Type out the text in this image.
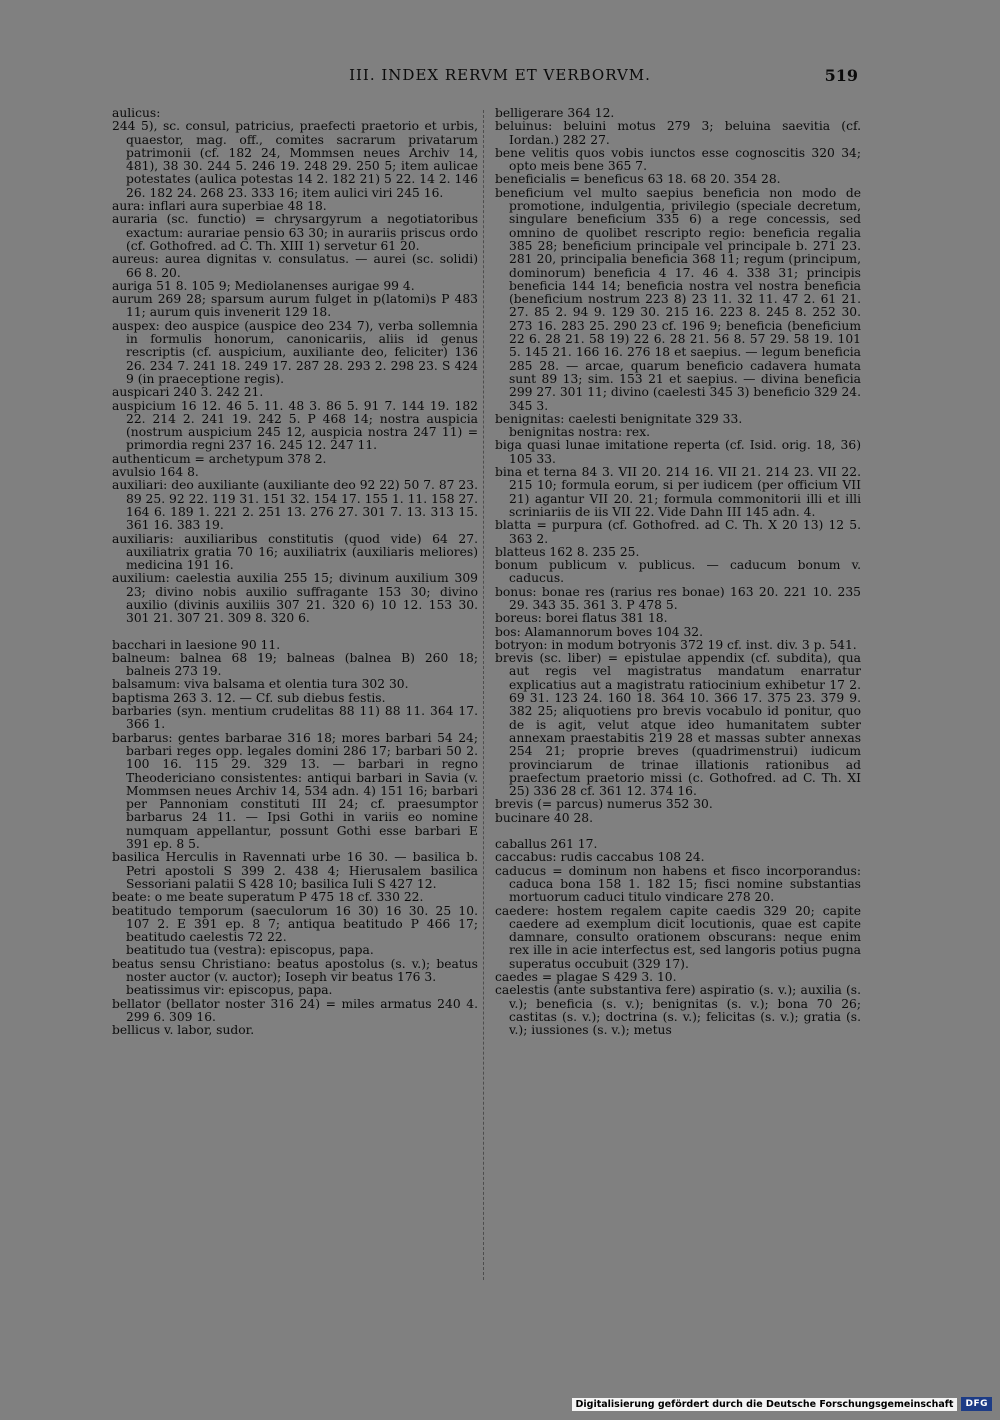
III. INDEX RERVM ET VERBORVM.	519

aulicus:

244 5), sc. consul, patricius, praefecti praetorio et urbis, quaestor, mag. off., comites sacrarum privatarum patrimonii (cf. 182 24, Mommsen neues Archiv 14, 481), 38 30. 244 5. 246 19. 248 29. 250 5; item aulicae potestates (aulica potestas 14 2. 182 21) 5 22. 14 2. 146 26. 182 24. 268 23. 333 16; item aulici viri 245 16.

aura: inflari aura superbiae 48 18.

auraria (sc. functio) = chrysargyrum a negotiatoribus exactum: aurariae pensio 63 30; in aurariis priscus ordo (cf. Gothofred. ad C. Th. XIII 1) servetur 61 20.

aureus: aurea dignitas v. consulatus. — aurei (sc. solidi) 66 8. 20.

auriga 51 8. 105 9; Mediolanenses aurigae 99 4.

aurum 269 28; sparsum aurum fulget in p(latomi)s P 483 11; aurum quis invenerit 129 18.

auspex: deo auspice (auspice deo 234 7), verba sollemnia in formulis honorum, canonicariis, aliis id genus rescriptis (cf. auspicium, auxiliante deo, feliciter) 136 26. 234 7. 241 18. 249 17. 287 28. 293 2. 298 23. S 424 9 (in praeceptione regis).

auspicari 240 3. 242 21.

auspicium 16 12. 46 5. 11. 48 3. 86 5. 91 7. 144 19. 182 22. 214 2. 241 19. 242 5. P 468 14; nostra auspicia (nostrum auspicium 245 12, auspicia nostra 247 11) = primordia regni 237 16. 245 12. 247 11.

authenticum = archetypum 378 2.

avulsio 164 8.

auxiliari: deo auxiliante (auxiliante deo 92 22) 50 7. 87 23. 89 25. 92 22. 119 31. 151 32. 154 17. 155 1. 11. 158 27. 164 6. 189 1. 221 2. 251 13. 276 27. 301 7. 13. 313 15. 361 16. 383 19.

auxiliaris: auxiliaribus constitutis (quod vide) 64 27. auxiliatrix gratia 70 16; auxiliatrix (auxiliaris meliores) medicina 191 16.

auxilium: caelestia auxilia 255 15; divinum auxilium 309 23; divino nobis auxilio suffragante 153 30; divino auxilio (divinis auxiliis 307 21. 320 6) 10 12. 153 30. 301 21. 307 21. 309 8. 320 6.

bacchari in laesione 90 11.

balneum: balnea 68 19; balneas (balnea B) 260 18; balneis 273 19.

balsamum: viva balsama et olentia tura 302 30.

baptisma 263 3. 12. — Cf. sub diebus festis.

barbaries (syn. mentium crudelitas 88 11) 88 11. 364 17. 366 1.

barbarus: gentes barbarae 316 18; mores barbari 54 24; barbari reges opp. legales domini 286 17; barbari 50 2. 100 16. 115 29. 329 13. — barbari in regno Theodericiano consistentes: antiqui barbari in Savia (v. Mommsen neues Archiv 14, 534 adn. 4) 151 16; barbari per Pannoniam constituti III 24; cf. praesumptor barbarus 24 11. — Ipsi Gothi in variis eo nomine numquam appellantur, possunt Gothi esse barbari E 391 ep. 8 5.

basilica Herculis in Ravennati urbe 16 30. — basilica b. Petri apostoli S 399 2. 438 4; Hierusalem basilica Sessoriani palatii S 428 10; basilica Iuli S 427 12.

beate: o me beate superatum P 475 18 cf. 330 22.

beatitudo temporum (saeculorum 16 30) 16 30. 25 10. 107 2. E 391 ep. 8 7; antiqua beatitudo P 466 17; beatitudo caelestis 72 22.

beatitudo tua (vestra): episcopus, papa.

beatus sensu Christiano: beatus apostolus (s. v.); beatus noster auctor (v. auctor); Ioseph vir beatus 176 3.

beatissimus vir: episcopus, papa.

bellator (bellator noster 316 24) = miles armatus 240 4. 299 6. 309 16.

bellicus v. labor, sudor.

belligerare 364 12.

beluinus: beluini motus 279 3; beluina saevitia (cf. Iordan.) 282 27.

bene velitis quos vobis iunctos esse cognoscitis 320 34; opto meis bene 365 7.

beneficialis = beneficus 63 18. 68 20. 354 28.

beneficium vel multo saepius beneficia non modo de promotione, indulgentia, privilegio (speciale decretum, singulare beneficium 335 6) a rege concessis, sed omnino de quolibet rescripto regio: beneficia regalia 385 28; beneficium principale vel principale b. 271 23. 281 20, principalia beneficia 368 11; regum (principum, dominorum) beneficia 4 17. 46 4. 338 31; principis beneficia 144 14; beneficia nostra vel nostra beneficia (beneficium nostrum 223 8) 23 11. 32 11. 47 2. 61 21. 27. 85 2. 94 9. 129 30. 215 16. 223 8. 245 8. 252 30. 273 16. 283 25. 290 23 cf. 196 9; beneficia (beneficium 22 6. 28 21. 58 19) 22 6. 28 21. 56 8. 57 29. 58 19. 101 5. 145 21. 166 16. 276 18 et saepius. — legum beneficia 285 28. — arcae, quarum beneficio cadavera humata sunt 89 13; sim. 153 21 et saepius. — divina beneficia 299 27. 301 11; divino (caelesti 345 3) beneficio 329 24. 345 3.

benignitas: caelesti benignitate 329 33.

benignitas nostra: rex.

biga quasi lunae imitatione reperta (cf. Isid. orig. 18, 36) 105 33.

bina et terna 84 3. VII 20. 214 16. VII 21. 214 23. VII 22. 215 10; formula eorum, si per iudicem (per officium VII 21) agantur VII 20. 21; formula commonitorii illi et illi scriniariis de iis VII 22. Vide Dahn III 145 adn. 4.

blatta = purpura (cf. Gothofred. ad C. Th. X 20 13) 12 5. 363 2.

blatteus 162 8. 235 25.

bonum publicum v. publicus. — caducum bonum v. caducus.

bonus: bonae res (rarius res bonae) 163 20. 221 10. 235 29. 343 35. 361 3. P 478 5.

boreus: borei flatus 381 18.

bos: Alamannorum boves 104 32.

botryon: in modum botryonis 372 19 cf. inst. div. 3 p. 541.

brevis (sc. liber) = epistulae appendix (cf. subdita), qua aut regis vel magistratus mandatum enarratur explicatius aut a magistratu ratiocinium exhibetur 17 2. 69 31. 123 24. 160 18. 364 10. 366 17. 375 23. 379 9. 382 25; aliquotiens pro brevis vocabulo id ponitur, quo de is agit, velut atque ideo humanitatem subter annexam praestabitis 219 28 et massas subter annexas 254 21; proprie breves (quadrimenstrui) iudicum provinciarum de trinae illationis rationibus ad praefectum praetorio missi (c. Gothofred. ad C. Th. XI 25) 336 28 cf. 361 12. 374 16.

brevis (= parcus) numerus 352 30.

bucinare 40 28.

caballus 261 17.

caccabus: rudis caccabus 108 24.

caducus = dominum non habens et fisco incorporandus: caduca bona 158 1. 182 15; fisci nomine substantias mortuorum caduci titulo vindicare 278 20.

caedere: hostem regalem capite caedis 329 20; capite caedere ad exemplum dicit locutionis, quae est capite damnare, consulto orationem obscurans: neque enim rex ille in acie interfectus est, sed langoris potius pugna superatus occubuit (329 17).

caedes = plagae S 429 3. 10.

caelestis (ante substantiva fere) aspiratio (s. v.); auxilia (s. v.); beneficia (s. v.); benignitas (s. v.); bona 70 26; castitas (s. v.); doctrina (s. v.); felicitas (s. v.); gratia (s. v.); iussiones (s. v.); metus

Digitalisierung gefördert durch die Deutsche Forschungsgemeinschaft	DFG
